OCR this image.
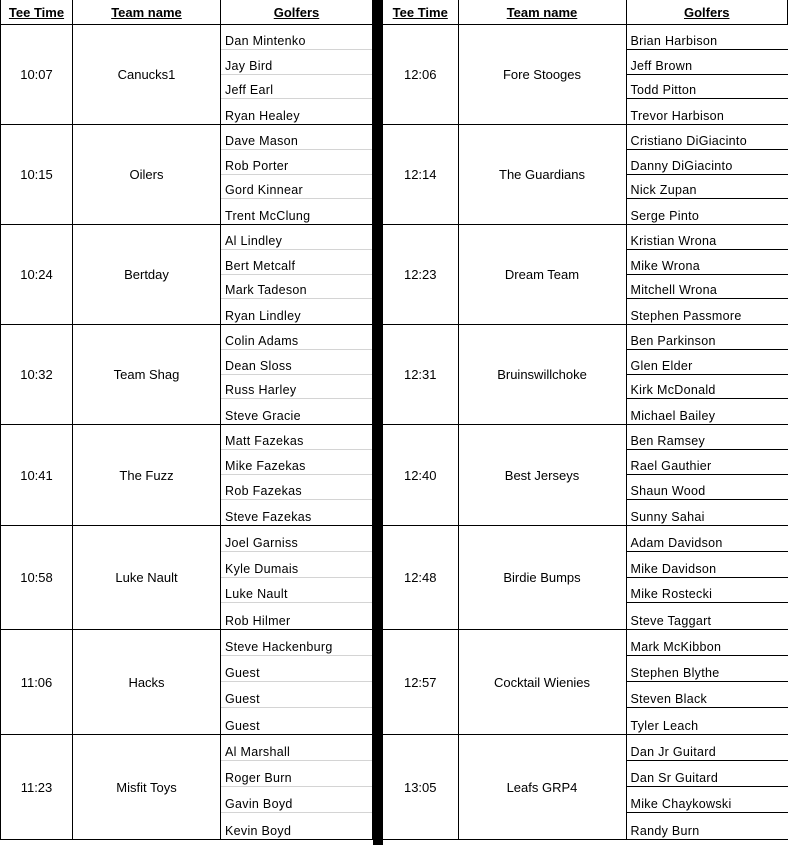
Tee Time	Team name	Golfers
10:07	Canucks1	Dan Mintenko
Jay Bird
Jeff Earl
Ryan Healey

10:15	Oilers	Dave Mason
Rob Porter
Gord Kinnear
Trent McClung

10:24	Bertday	Al Lindley
Bert Metcalf
Mark Tadeson
Ryan Lindley

10:32	Team Shag	Colin Adams
Dean Sloss
Russ Harley
Steve Gracie

10:41	The Fuzz	Matt Fazekas
Mike Fazekas
Rob Fazekas
Steve Fazekas

10:58	Luke Nault	Joel Garniss
Kyle Dumais
Luke Nault
Rob Hilmer

11:06	Hacks	Steve Hackenburg
Guest
Guest
Guest

11:23	Misfit Toys	Al Marshall
Roger Burn
Gavin Boyd
Kevin Boyd
Tee Time	Team name	Golfers
12:06	Fore Stooges	Brian Harbison
Jeff Brown
Todd Pitton
Trevor Harbison

12:14	The Guardians	Cristiano DiGiacinto
Danny DiGiacinto
Nick Zupan
Serge Pinto

12:23	Dream Team	Kristian Wrona
Mike Wrona
Mitchell Wrona
Stephen Passmore

12:31	Bruinswillchoke	Ben Parkinson
Glen Elder
Kirk McDonald
Michael Bailey

12:40	Best Jerseys	Ben Ramsey
Rael Gauthier
Shaun Wood
Sunny Sahai

12:48	Birdie Bumps	Adam Davidson
Mike Davidson
Mike Rostecki
Steve Taggart

12:57	Cocktail Wienies	Mark McKibbon
Stephen Blythe
Steven Black
Tyler Leach

13:05	Leafs GRP4	Dan Jr Guitard
Dan Sr Guitard
Mike Chaykowski
Randy Burn
